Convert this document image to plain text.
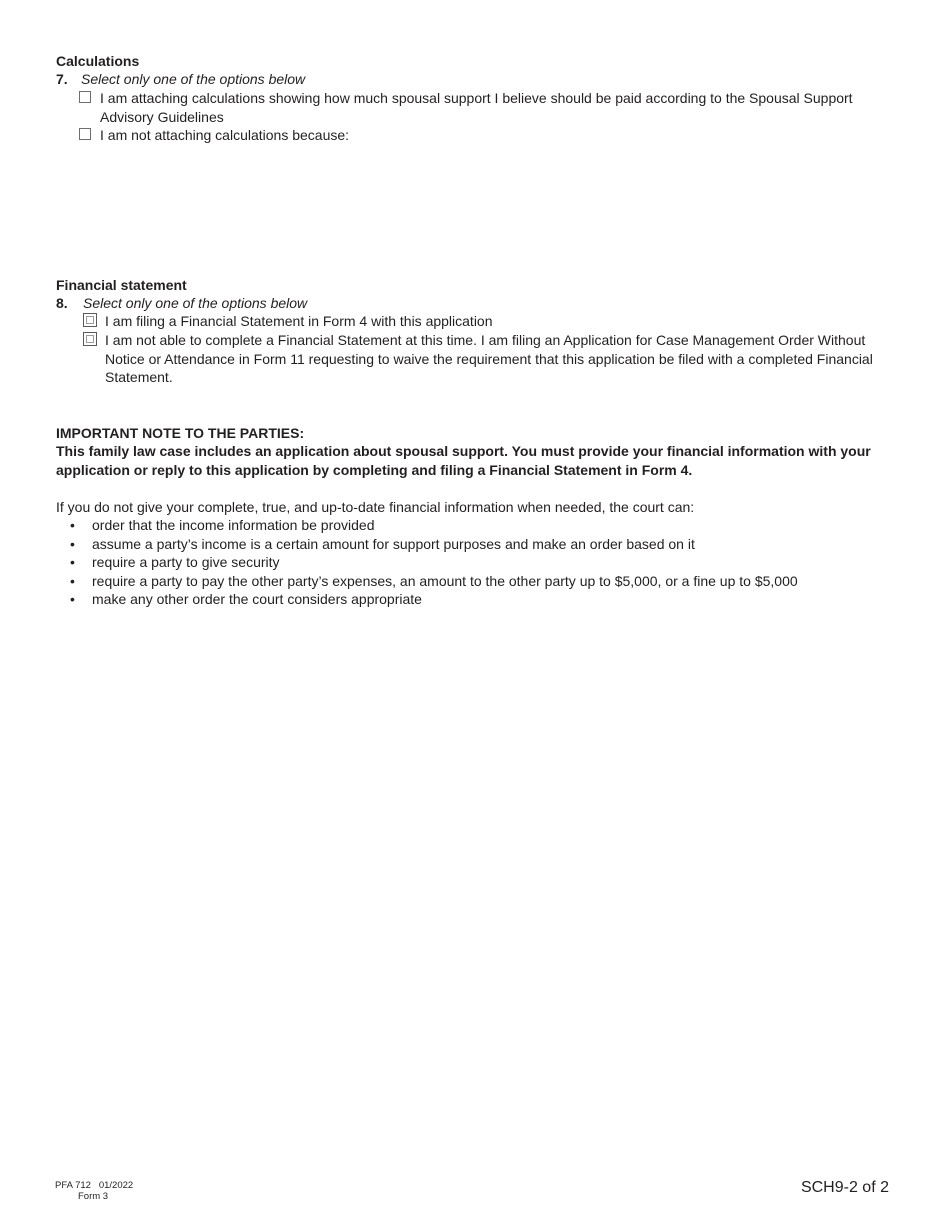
Calculations
7. Select only one of the options below
I am attaching calculations showing how much spousal support I believe should be paid according to the Spousal Support
Advisory Guidelines
I am not attaching calculations because:
Financial statement
8. Select only one of the options below
I am filing a Financial Statement in Form 4 with this application
I am not able to complete a Financial Statement at this time. I am filing an Application for Case Management Order Without
Notice or Attendance in Form 11 requesting to waive the requirement that this application be filed with a completed Financial
Statement.
IMPORTANT NOTE TO THE PARTIES:
This family law case includes an application about spousal support. You must provide your financial information with your
application or reply to this application by completing and filing a Financial Statement in Form 4.
If you do not give your complete, true, and up-to-date financial information when needed, the court can:
• order that the income information be provided
• assume a party’s income is a certain amount for support purposes and make an order based on it
• require a party to give security
• require a party to pay the other party’s expenses, an amount to the other party up to $5,000, or a fine up to $5,000
• make any other order the court considers appropriate
PFA 712   01/2022
Form 3
SCH9-2 of 2
